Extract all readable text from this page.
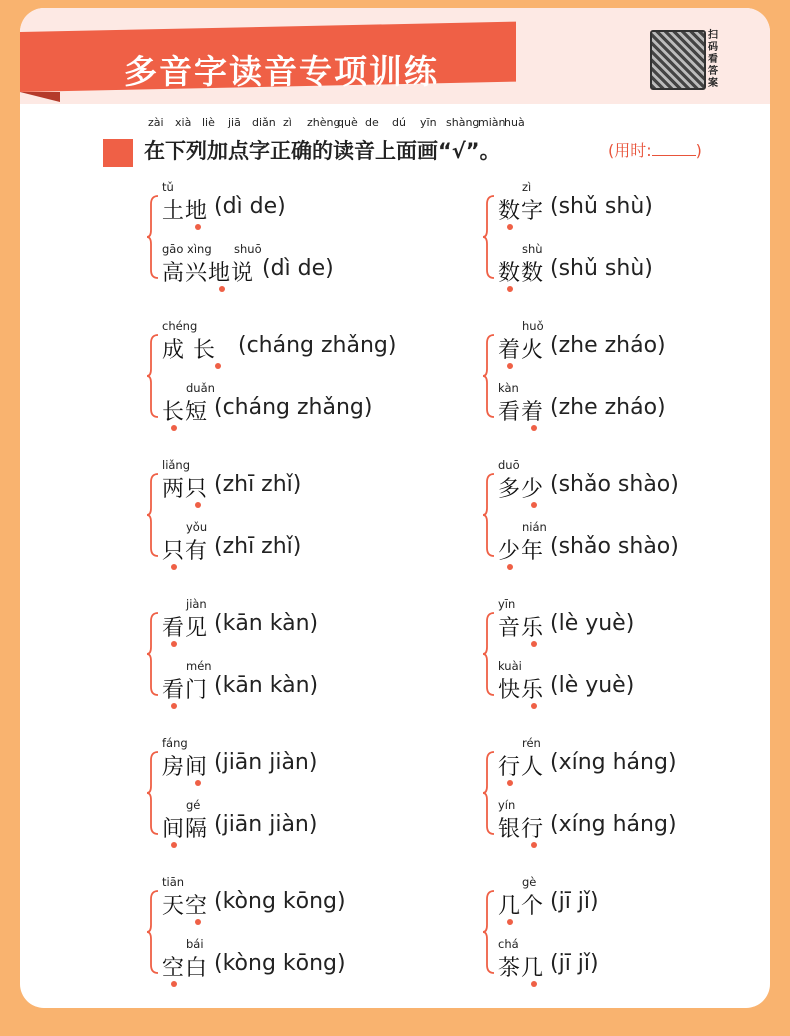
多音字读音专项训练
扫码看答案
在下列加点字正确的读音上面画“√”。
zài xià liè jiā diǎn zì zhèng
què de dú yīn shàng
miàn
huà
(用时:	)
tǔ
土地 (dì de)
gāo xìng shuō
高兴地说 (dì de)
zì
数字 (shǔ shù)
shù
数数 (shǔ shù)
chéng
成 长 (cháng zhǎng)
duǎn
长短 (cháng zhǎng)
huǒ
着火 (zhe zháo)
kàn
看着 (zhe zháo)
liǎng
两只 (zhī zhǐ)
yǒu
只有 (zhī zhǐ)
duō
多少 (shǎo shào)
nián
少年 (shǎo shào)
jiàn
看见 (kān kàn)
mén
看门 (kān kàn)
yīn
音乐 (lè yuè)
kuài
快乐 (lè yuè)
fáng
房间 (jiān jiàn)
gé
间隔 (jiān jiàn)
rén
行人 (xíng háng)
yín
银行 (xíng háng)
tiān
天空 (kòng kōng)
bái
空白 (kòng kōng)
gè
几个 (jī jǐ)
chá
茶几 (jī jǐ)
